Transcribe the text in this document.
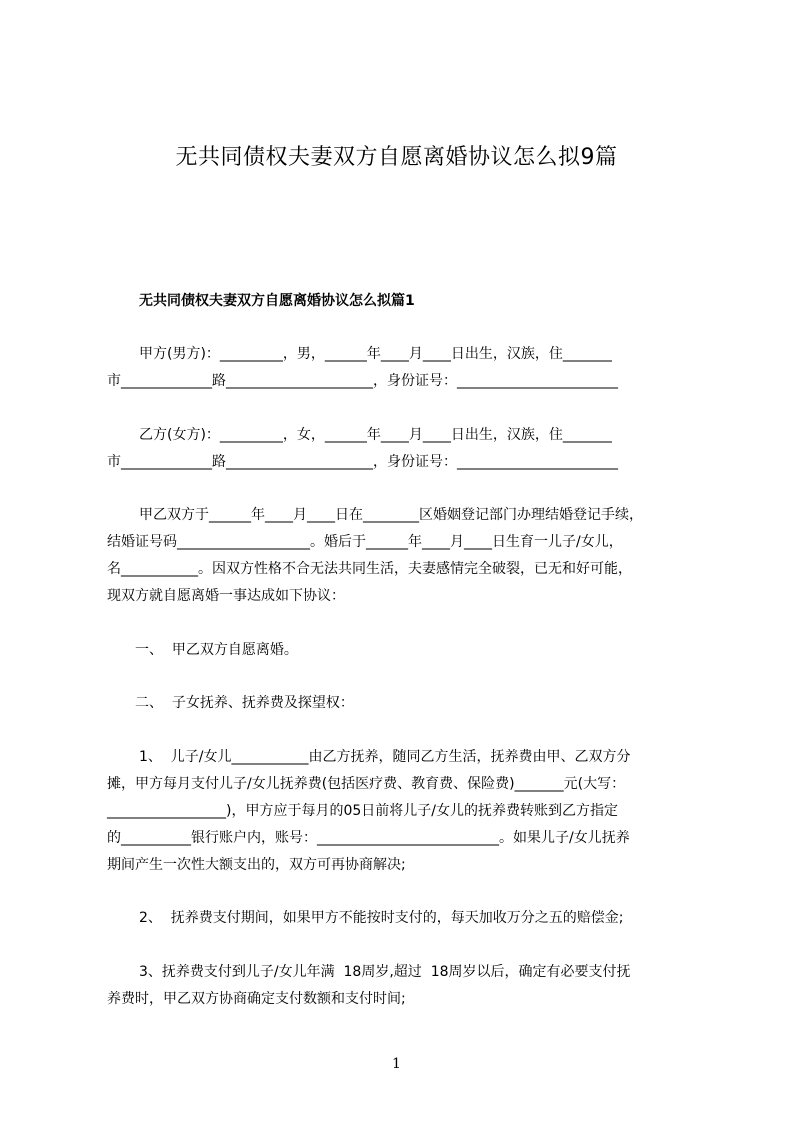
无共同债权夫妻双方自愿离婚协议怎么拟9篇
无共同债权夫妻双方自愿离婚协议怎么拟篇1
甲方(男方)：_________，男，______年____月____日出生，汉族，住_______
市_____________路_____________________，身份证号：_______________________
乙方(女方)：_________，女，______年____月____日出生，汉族，住_______
市_____________路_____________________，身份证号：_______________________
甲乙双方于______年____月____日在________区婚姻登记部门办理结婚登记手续，
结婚证号码___________________。婚后于______年____月____日生育一儿子/女儿，
名___________。因双方性格不合无法共同生活，夫妻感情完全破裂，已无和好可能，
现双方就自愿离婚一事达成如下协议：
一、  甲乙双方自愿离婚。
二、  子女抚养、抚养费及探望权：
1、  儿子/女儿___________由乙方抚养，随同乙方生活，抚养费由甲、乙双方分
摊，甲方每月支付儿子/女儿抚养费(包括医疗费、教育费、保险费)_______元(大写：
_________________)，甲方应于每月的05日前将儿子/女儿的抚养费转账到乙方指定
的__________银行账户内，账号：__________________________。如果儿子/女儿抚养
期间产生一次性大额支出的，双方可再协商解决;
2、  抚养费支付期间，如果甲方不能按时支付的，每天加收万分之五的赔偿金;
3、抚养费支付到儿子/女儿年满  18周岁,超过  18周岁以后，确定有必要支付抚
养费时，甲乙双方协商确定支付数额和支付时间;
1
